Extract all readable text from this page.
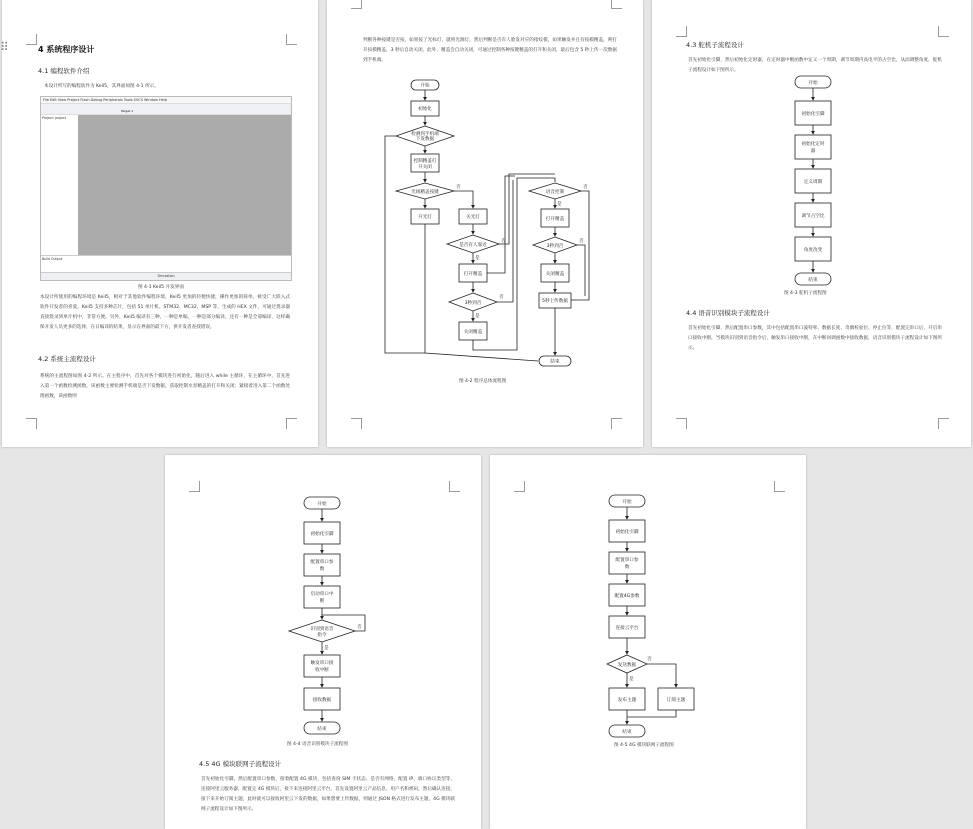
⠿	4 系统程序设计
4.1 编程软件介绍
本设计所写的编程软件为 Keil5，其界面如图 4-1 所示。
File Edit View Project Flash Debug Peripherals Tools SVCS Window Help
Target 1
Project: project
Build Output
Simulation
图 4-1 Keil5 开发界面
本设计所使用的编程环境是 Keil5，相对于其他软件编程环境，Keil5 更加的轻便快捷，操作更加的简单，被受广大嵌入式软件开发者的喜爱。Keil5 支持多种芯片，包括 51 单片机、STM32、MC32、MSP 等，生成的 HEX 文件，可通过烧录器直接烧录到单片机中，非常方便。另外，Keil5 编译有三种，一种是单编，一种是部分编译，还有一种是全部编译，这样确保开发人员更多的选择，在日编译的结果，显示在界面的最下方，供开发者查找错误。
4.2 系统主流程设计
系统的主流程图如图 4-2 所示。在主程序中，首先对各个模块进行初始化，随后进入 while 主循环，在主循环中，首先进入第一个函数检测函数，该函数主要检测手机端是否下发数据，获取控制水泵精盖的打开和关闭；紧接着进入第二个函数处理函数，该函数则
判断各种按键是否按，如果按了光标灯，就将光源灯，然后判断是否有人脸发对应的指纹模，如果触发并且有按模精盖，则打开按模精盖，3 秒后自动关闭，此外，精盖会自动关闭，可通过控制各种按键精盖的打开和关闭，最后包含 5 秒上传一次数据到手机端。
开始
初始化
检测到手机端
下发数据
控制精盖打
开关闭
光线精盖按键
否
开光灯	关光灯
是否有人靠近
否
是
打开精盖
3秒到否
否
是
关闭精盖
语音控制
否
是
打开精盖
3秒到否
否
关闭精盖
5秒上传数据
结束
图 4-2 程序总体流程图
4.3 舵机子流程设计
首先初始化引脚，然后初始化定时器，在定时器中断函数中定义一个周期，调节周期内高电平的占空比，从而调整角度，舵机子流程设计如下图所示。
开始
初始化引脚
初始化定时
器
定义周期
调节占空比
角度改变
结束
图 4-3 舵机子流程图
4.4 语音识别模块子流程设计
首先初始化引脚，然后配置串口参数，其中包括配置串口波特率、数据长度、奇偶校验位、停止位等，配置完串口后，开启串口接收中断，当模块识别到语音指令后，触发串口接收中断，在中断回调函数中接收数据，语音识别模块子流程设计如下图所示。
开始
初始化引脚
配置串口参
数
启动串口中
断
识别到语音
指令
否
是
触发串口接
收中断
接收数据
结束
图 4-4 语音识别模块子流程图
4.5 4G 模块联网子流程设计
首先初始化引脚，然后配置串口参数，接着配置 4G 模块，包括查询 SIM 卡状态、是否有网络，配置 IP、端口协议类型等，连接阿里云服务器，配置完 4G 模块后，接下来连接阿里云平台，首先设置阿里云产品信息，用户名和密码，然后确认连接，接下来开始订阅主题，此时就可以接收阿里云下发的数据，如果想要上传数据，则通过 JSON 格式进行发布主题，4G 模块联网子流程设计如下图所示。
开始
初始化引脚
配置串口参
数
配置4G参数
连接云平台
发送数据
否
是
发布主题	订阅主题
结束
图 4-5 4G 模块联网子流程图
